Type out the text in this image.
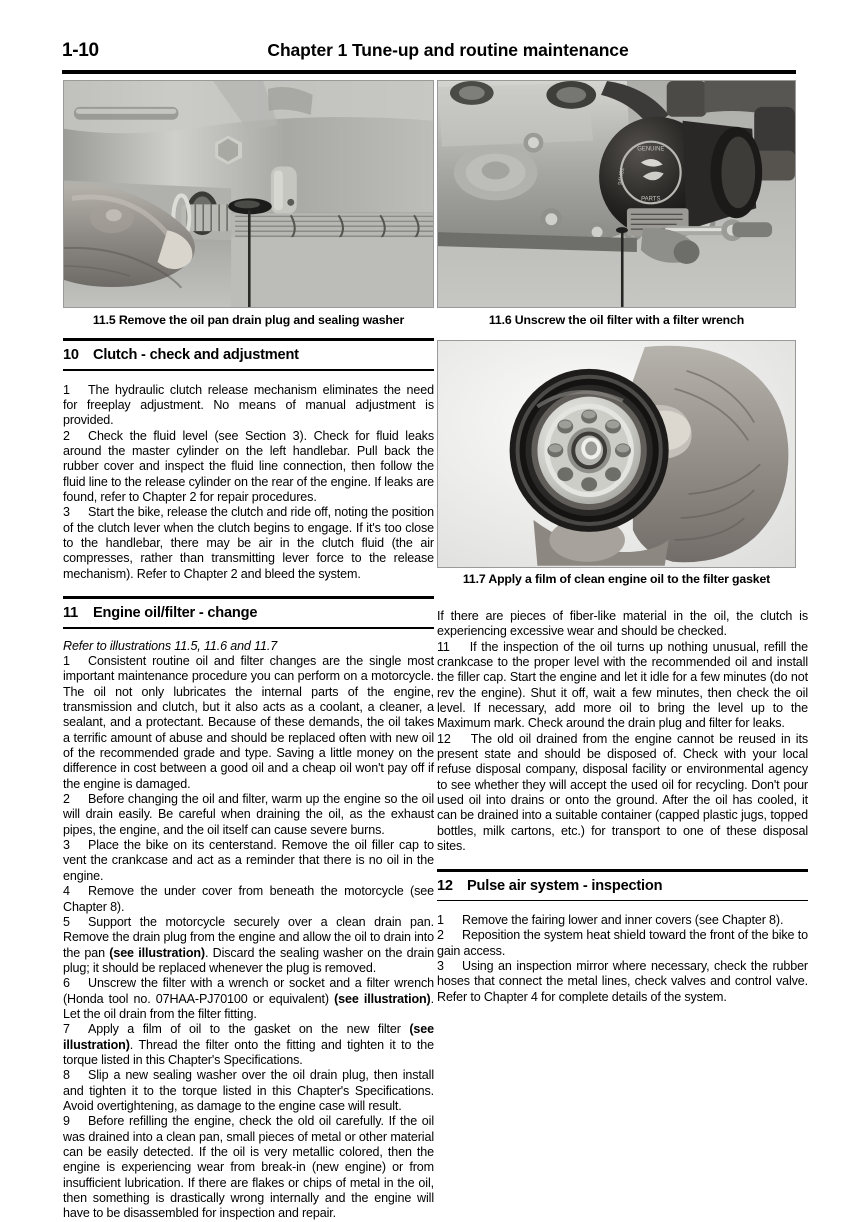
1-10	Chapter 1 Tune-up and routine maintenance
11.5 Remove the oil pan drain plug and sealing washer
GENUINE
PARTS
94H02
11.6 Unscrew the oil filter with a filter wrench
11.7 Apply a film of clean engine oil to the filter gasket
10 Clutch - check and adjustment

1 The hydraulic clutch release mechanism eliminates the need for freeplay adjustment. No means of manual adjustment is provided.

2 Check the fluid level (see Section 3). Check for fluid leaks around the master cylinder on the left handlebar. Pull back the rubber cover and inspect the fluid line connection, then follow the fluid line to the release cylinder on the rear of the engine. If leaks are found, refer to Chapter 2 for repair procedures.

3 Start the bike, release the clutch and ride off, noting the position of the clutch lever when the clutch begins to engage. If it's too close to the handlebar, there may be air in the clutch fluid (the air compresses, rather than transmitting lever force to the release mechanism). Refer to Chapter 2 and bleed the system.

11	Engine oil/filter - change

Refer to illustrations 11.5, 11.6 and 11.7

1 Consistent routine oil and filter changes are the single most important maintenance procedure you can perform on a motorcycle. The oil not only lubricates the internal parts of the engine, transmission and clutch, but it also acts as a coolant, a cleaner, a sealant, and a protectant. Because of these demands, the oil takes a terrific amount of abuse and should be replaced often with new oil of the recommended grade and type. Saving a little money on the difference in cost between a good oil and a cheap oil won't pay off if the engine is damaged.

2 Before changing the oil and filter, warm up the engine so the oil will drain easily. Be careful when draining the oil, as the exhaust pipes, the engine, and the oil itself can cause severe burns.

3 Place the bike on its centerstand. Remove the oil filler cap to vent the crankcase and act as a reminder that there is no oil in the engine.

4 Remove the under cover from beneath the motorcycle (see Chapter 8).

5 Support the motorcycle securely over a clean drain pan. Remove the drain plug from the engine and allow the oil to drain into the pan (see illustration). Discard the sealing washer on the drain plug; it should be replaced whenever the plug is removed.

6 Unscrew the filter with a wrench or socket and a filter wrench (Honda tool no. 07HAA-PJ70100 or equivalent) (see illustration). Let the oil drain from the filter fitting.

7 Apply a film of oil to the gasket on the new filter (see illustration). Thread the filter onto the fitting and tighten it to the torque listed in this Chapter's Specifications.

8 Slip a new sealing washer over the oil drain plug, then install and tighten it to the torque listed in this Chapter's Specifications. Avoid overtightening, as damage to the engine case will result.

9 Before refilling the engine, check the old oil carefully. If the oil was drained into a clean pan, small pieces of metal or other material can be easily detected. If the oil is very metallic colored, then the engine is experiencing wear from break-in (new engine) or from insufficient lubrication. If there are flakes or chips of metal in the oil, then something is drastically wrong internally and the engine will have to be disassembled for inspection and repair.

If there are pieces of fiber-like material in the oil, the clutch is experiencing excessive wear and should be checked.

11 If the inspection of the oil turns up nothing unusual, refill the crankcase to the proper level with the recommended oil and install the filler cap. Start the engine and let it idle for a few minutes (do not rev the engine). Shut it off, wait a few minutes, then check the oil level. If necessary, add more oil to bring the level up to the Maximum mark. Check around the drain plug and filter for leaks.

12 The old oil drained from the engine cannot be reused in its present state and should be disposed of. Check with your local refuse disposal company, disposal facility or environmental agency to see whether they will accept the used oil for recycling. Don't pour used oil into drains or onto the ground. After the oil has cooled, it can be drained into a suitable container (capped plastic jugs, topped bottles, milk cartons, etc.) for transport to one of these disposal sites.

12 Pulse air system - inspection

1 Remove the fairing lower and inner covers (see Chapter 8).

2 Reposition the system heat shield toward the front of the bike to gain access.

3 Using an inspection mirror where necessary, check the rubber hoses that connect the metal lines, check valves and control valve. Refer to Chapter 4 for complete details of the system.
